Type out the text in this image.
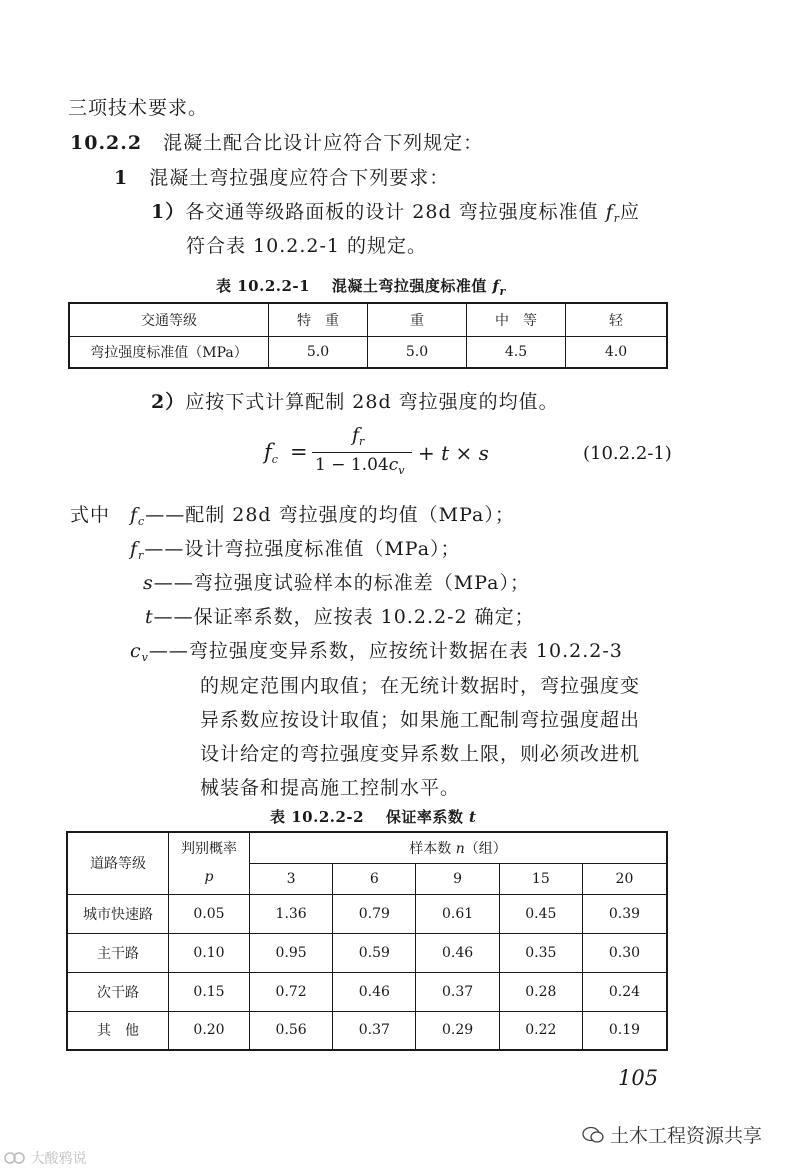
三项技术要求。
10.2.2 混凝土配合比设计应符合下列规定：
1 混凝土弯拉强度应符合下列要求：
1）各交通等级路面板的设计 28d 弯拉强度标准值 $f_r$应
符合表 10.2.2-1 的规定。
表 10.2.2-1 混凝土弯拉强度标准值 $f_r$
交通等级	特　重	重	中　等	轻
弯拉强度标准值（MPa）	5.0	5.0	4.5	4.0
2）应按下式计算配制 28d 弯拉强度的均值。
fc =
$f_r$
$1 - 1.04c_v$
+ t × s	(10.2.2-1)
式中 $f_c——$配制 28d 弯拉强度的均值（MPa）；
$f_r——$设计弯拉强度标准值（MPa）；
s——弯拉强度试验样本的标准差（MPa）；
t——保证率系数，应按表 10.2.2-2 确定；
$c_v——$弯拉强度变异系数，应按统计数据在表 10.2.2-3
的规定范围内取值；在无统计数据时，弯拉强度变
异系数应按设计取值；如果施工配制弯拉强度超出
设计给定的弯拉强度变异系数上限，则必须改进机
械装备和提高施工控制水平。
表 10.2.2-2 保证率系数 t
道路等级	判别概率
p	样本数 n（组）				
		3	6	9	15	20
城市快速路	0.05	1.36	0.79	0.61	0.45	0.39
主干路	0.10	0.95	0.59	0.46	0.35	0.30
次干路	0.15	0.72	0.46	0.37	0.28	0.24
其　他	0.20	0.56	0.37	0.29	0.22	0.19
105
土木工程资源共享
大酸鸦说
